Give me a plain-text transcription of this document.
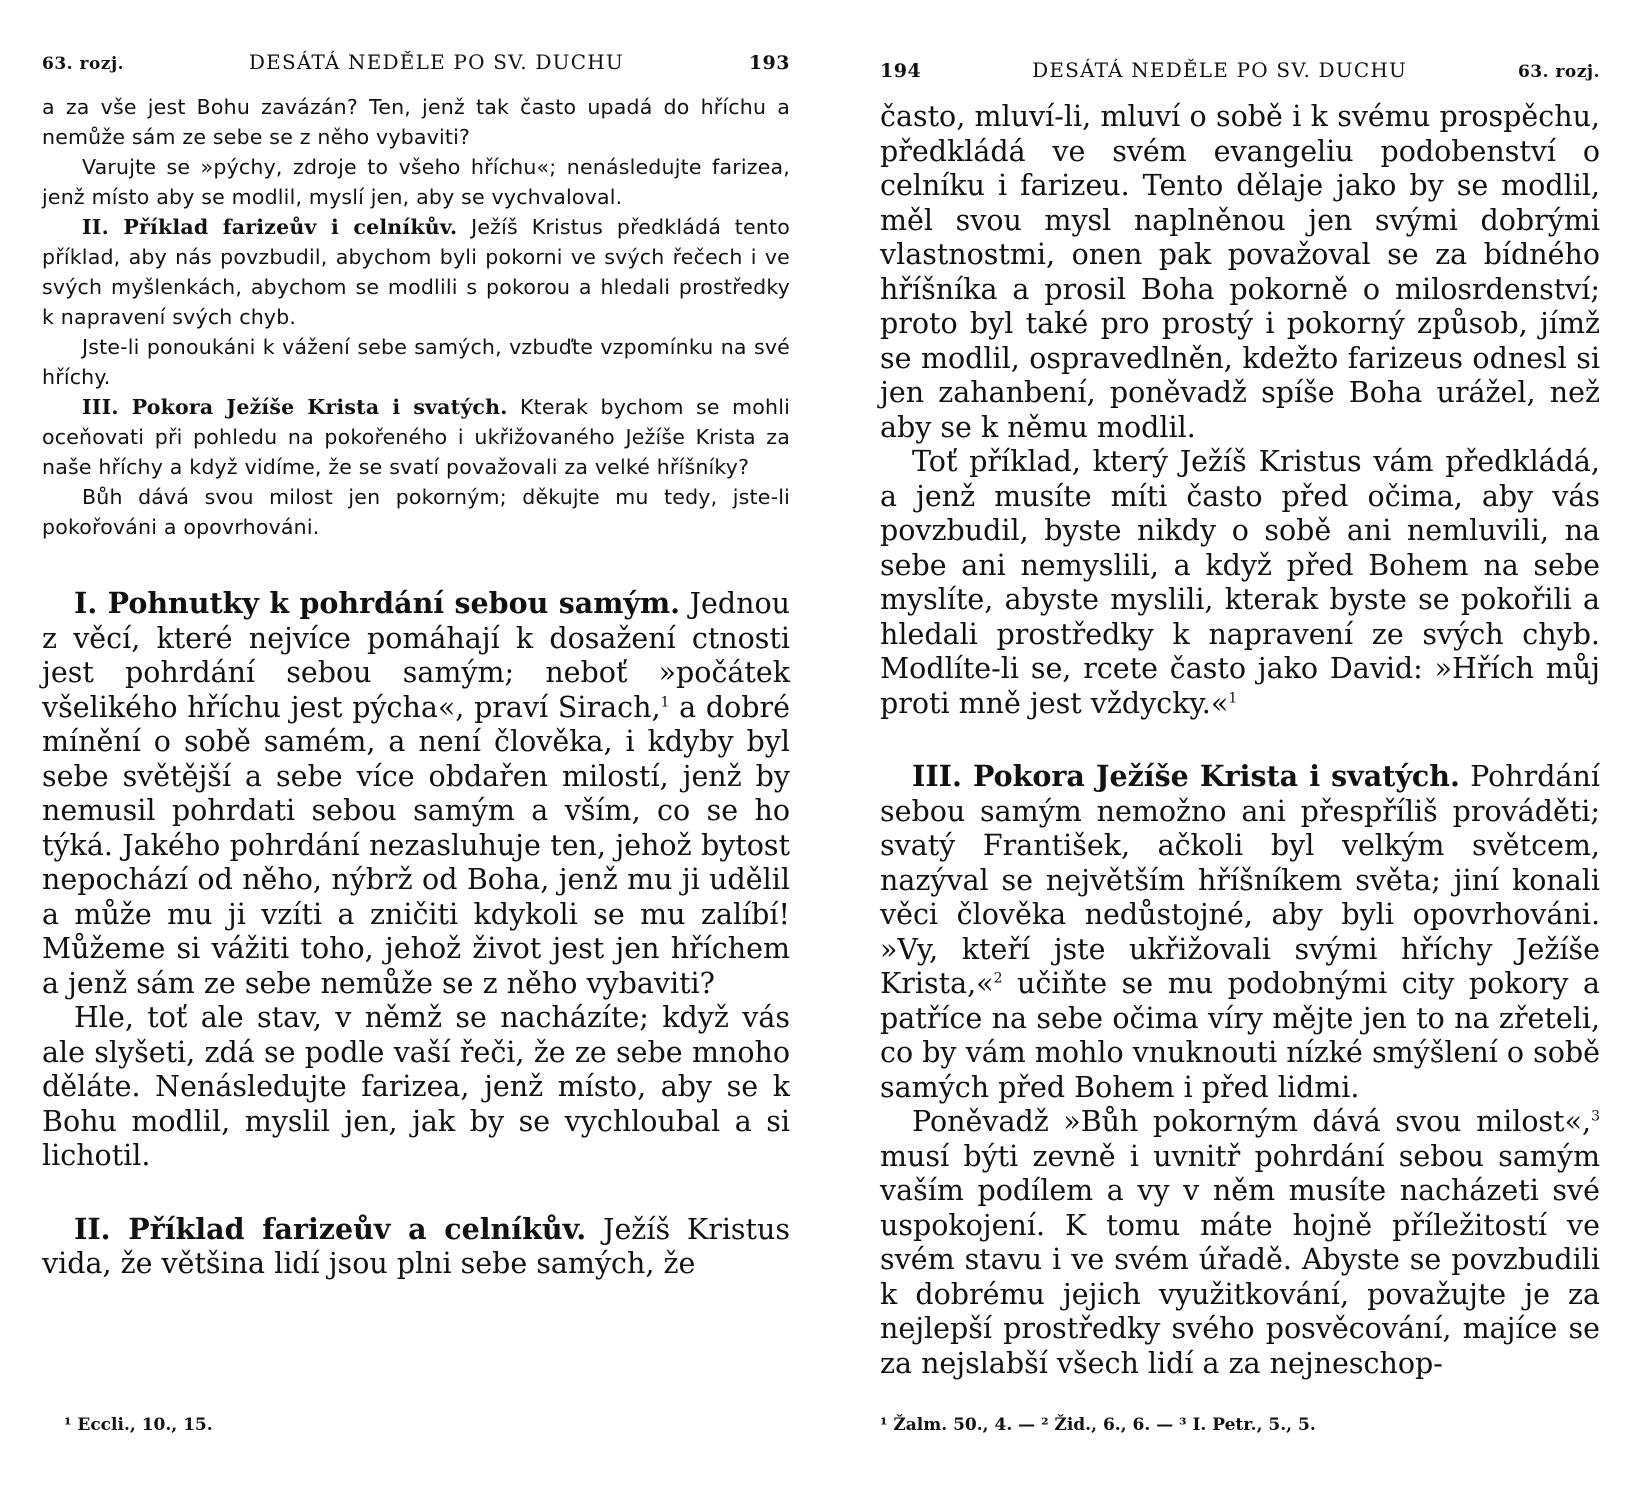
63. rozj.	DESÁTÁ NEDĚLE PO SV. DUCHU	193

a za vše jest Bohu zavázán? Ten, jenž tak často upadá do hříchu a nemůže sám ze sebe se z něho vybaviti?

Varujte se »pýchy, zdroje to všeho hříchu«; nenásledujte farizea, jenž místo aby se modlil, myslí jen, aby se vychvaloval.

II. Příklad farizeův i celníkův. Ježíš Kristus předkládá tento příklad, aby nás povzbudil, abychom byli pokorni ve svých řečech i ve svých myšlenkách, abychom se modlili s pokorou a hledali prostředky k napravení svých chyb.

Jste-li ponoukáni k vážení sebe samých, vzbuďte vzpomínku na své hříchy.

III. Pokora Ježíše Krista i svatých. Kterak bychom se mohli oceňovati při pohledu na pokořeného i ukřižovaného Ježíše Krista za naše hříchy a když vidíme, že se svatí považovali za velké hříšníky?

Bůh dává svou milost jen pokorným; děkujte mu tedy, jste-li pokořováni a opovrhováni.

I. Pohnutky k pohrdání sebou samým. Jednou z věcí, které nejvíce pomáhají k dosažení ctnosti jest pohrdání sebou samým; neboť »počátek všelikého hříchu jest pýcha«, praví Sirach,$^1$ a dobré mínění o sobě samém, a není člověka, i kdyby byl sebe světější a sebe více obdařen milostí, jenž by nemusil pohrdati sebou samým a vším, co se ho týká. Jakého pohrdání nezasluhuje ten, jehož bytost nepochází od něho, nýbrž od Boha, jenž mu ji udělil a může mu ji vzíti a zničiti kdykoli se mu zalíbí! Můžeme si vážiti toho, jehož život jest jen hříchem a jenž sám ze sebe nemůže se z něho vybaviti?

Hle, toť ale stav, v němž se nacházíte; když vás ale slyšeti, zdá se podle vaší řeči, že ze sebe mnoho děláte. Nenásledujte farizea, jenž místo, aby se k Bohu modlil, myslil jen, jak by se vychloubal a si lichotil.

II. Příklad farizeův a celníkův. Ježíš Kristus vida, že většina lidí jsou plni sebe samých, že

¹ Eccli., 10., 15.
194	DESÁTÁ NEDĚLE PO SV. DUCHU	63. rozj.

často, mluví-li, mluví o sobě i k svému prospěchu, předkládá ve svém evangeliu podobenství o celníku i farizeu. Tento dělaje jako by se modlil, měl svou mysl naplněnou jen svými dobrými vlastnostmi, onen pak považoval se za bídného hříšníka a prosil Boha pokorně o milosrdenství; proto byl také pro prostý i pokorný způsob, jímž se modlil, ospravedlněn, kdežto farizeus odnesl si jen zahanbení, poněvadž spíše Boha urážel, než aby se k němu modlil.

Toť příklad, který Ježíš Kristus vám předkládá, a jenž musíte míti často před očima, aby vás povzbudil, byste nikdy o sobě ani nemluvili, na sebe ani nemyslili, a když před Bohem na sebe myslíte, abyste myslili, kterak byste se pokořili a hledali prostředky k napravení ze svých chyb. Modlíte-li se, rcete často jako David: »Hřích můj proti mně jest vždycky.«$^1$

III. Pokora Ježíše Krista i svatých. Pohrdání sebou samým nemožno ani přespříliš prováděti; svatý František, ačkoli byl velkým světcem, nazýval se největším hříšníkem světa; jiní konali věci člověka nedůstojné, aby byli opovrhováni. »Vy, kteří jste ukřižovali svými hříchy Ježíše Krista,«$^2$ učiňte se mu podobnými city pokory a patříce na sebe očima víry mějte jen to na zřeteli, co by vám mohlo vnuknouti nízké smýšlení o sobě samých před Bohem i před lidmi.

Poněvadž »Bůh pokorným dává svou milost«,$^3$ musí býti zevně i uvnitř pohrdání sebou samým vaším podílem a vy v něm musíte nacházeti své uspokojení. K tomu máte hojně příležitostí ve svém stavu i ve svém úřadě. Abyste se povzbudili k dobrému jejich využitkování, považujte je za nejlepší prostředky svého posvěcování, majíce se za nejslabší všech lidí a za nejneschop-

¹ Žalm. 50., 4. — ² Žid., 6., 6. — ³ I. Petr., 5., 5.
